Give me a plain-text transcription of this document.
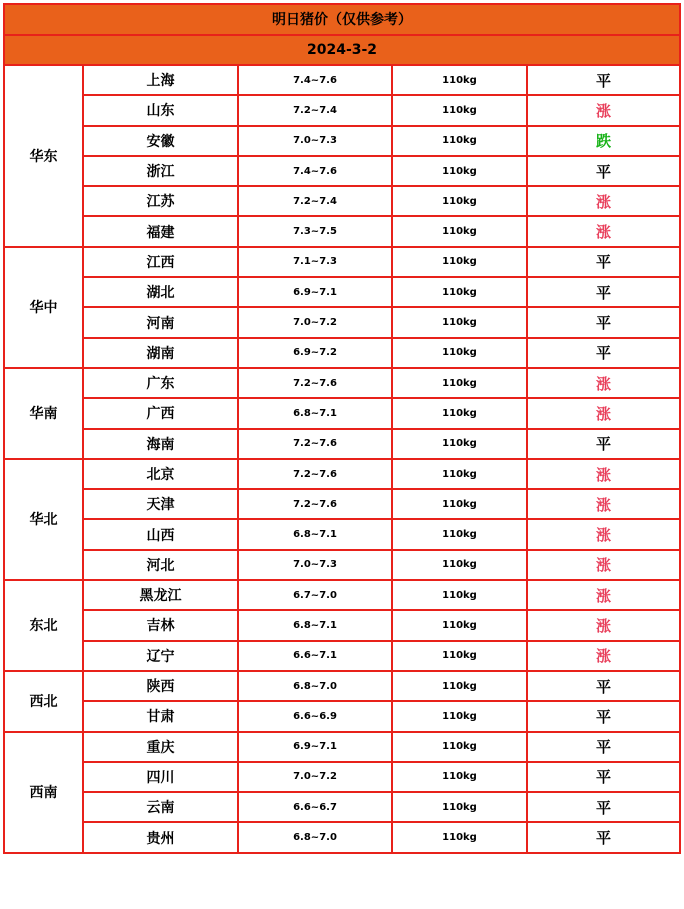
明日猪价（仅供参考）				
2024-3-2				
华东	上海	7.4~7.6	110kg	平
	山东	7.2~7.4	110kg	涨
	安徽	7.0~7.3	110kg	跌
	浙江	7.4~7.6	110kg	平
	江苏	7.2~7.4	110kg	涨
	福建	7.3~7.5	110kg	涨
华中	江西	7.1~7.3	110kg	平
	湖北	6.9~7.1	110kg	平
	河南	7.0~7.2	110kg	平
	湖南	6.9~7.2	110kg	平
华南	广东	7.2~7.6	110kg	涨
	广西	6.8~7.1	110kg	涨
	海南	7.2~7.6	110kg	平
华北	北京	7.2~7.6	110kg	涨
	天津	7.2~7.6	110kg	涨
	山西	6.8~7.1	110kg	涨
	河北	7.0~7.3	110kg	涨
东北	黑龙江	6.7~7.0	110kg	涨
	吉林	6.8~7.1	110kg	涨
	辽宁	6.6~7.1	110kg	涨
西北	陕西	6.8~7.0	110kg	平
	甘肃	6.6~6.9	110kg	平
西南	重庆	6.9~7.1	110kg	平
	四川	7.0~7.2	110kg	平
	云南	6.6~6.7	110kg	平
	贵州	6.8~7.0	110kg	平
